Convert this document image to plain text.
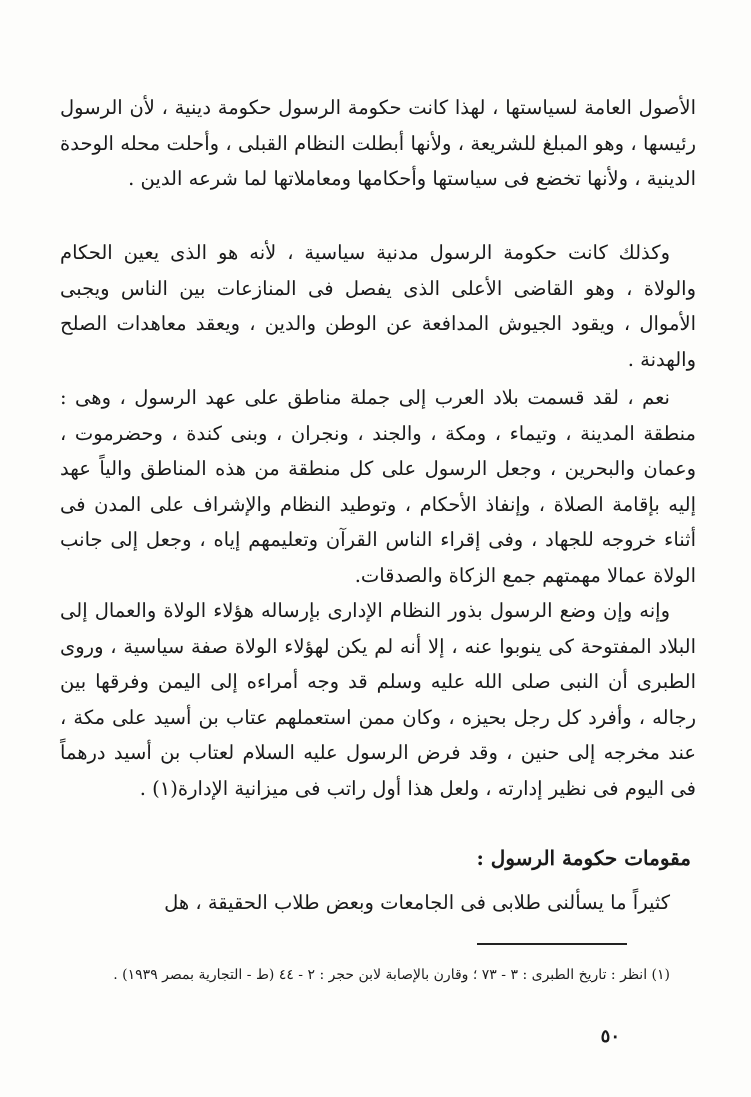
الأصول العامة لسياستها ، لهذا كانت حكومة الرسول حكومة دينية ، لأن الرسول رئيسها ، وهو المبلغ للشريعة ، ولأنها أبطلت النظام القبلى ، وأحلت محله الوحدة الدينية ، ولأنها تخضع فى سياستها وأحكامها ومعاملاتها لما شرعه الدين .

وكذلك كانت حكومة الرسول مدنية سياسية ، لأنه هو الذى يعين الحكام والولاة ، وهو القاضى الأعلى الذى يفصل فى المنازعات بين الناس ويجبى الأموال ، ويقود الجيوش المدافعة عن الوطن والدين ، ويعقد معاهدات الصلح والهدنة .

نعم ، لقد قسمت بلاد العرب إلى جملة مناطق على عهد الرسول ، وهى : منطقة المدينة ، وتيماء ، ومكة ، والجند ، ونجران ، وبنى كندة ، وحضرموت ، وعمان والبحرين ، وجعل الرسول على كل منطقة من هذه المناطق والياً عهد إليه بإقامة الصلاة ، وإنفاذ الأحكام ، وتوطيد النظام والإشراف على المدن فى أثناء خروجه للجهاد ، وفى إقراء الناس القرآن وتعليمهم إياه ، وجعل إلى جانب الولاة عمالا مهمتهم جمع الزكاة والصدقات.

وإنه وإن وضع الرسول بذور النظام الإدارى بإرساله هؤلاء الولاة والعمال إلى البلاد المفتوحة كى ينوبوا عنه ، إلا أنه لم يكن لهؤلاء الولاة صفة سياسية ، وروى الطبرى أن النبى صلى الله عليه وسلم قد وجه أمراءه إلى اليمن وفرقها بين رجاله ، وأفرد كل رجل بحيزه ، وكان ممن استعملهم عتاب بن أسيد على مكة ، عند مخرجه إلى حنين ، وقد فرض الرسول عليه السلام لعتاب بن أسيد درهماً فى اليوم فى نظير إدارته ، ولعل هذا أول راتب فى ميزانية الإدارة(١) .

مقومات حكومة الرسول :

كثيراً ما يسألنى طلابى فى الجامعات وبعض طلاب الحقيقة ، هل

(١) انظر : تاريخ الطبرى : ٣ - ٧٣ ؛ وقارن بالإصابة لابن حجر : ٢ - ٤٤ (ط - التجارية بمصر ١٩٣٩) .

٥٠
